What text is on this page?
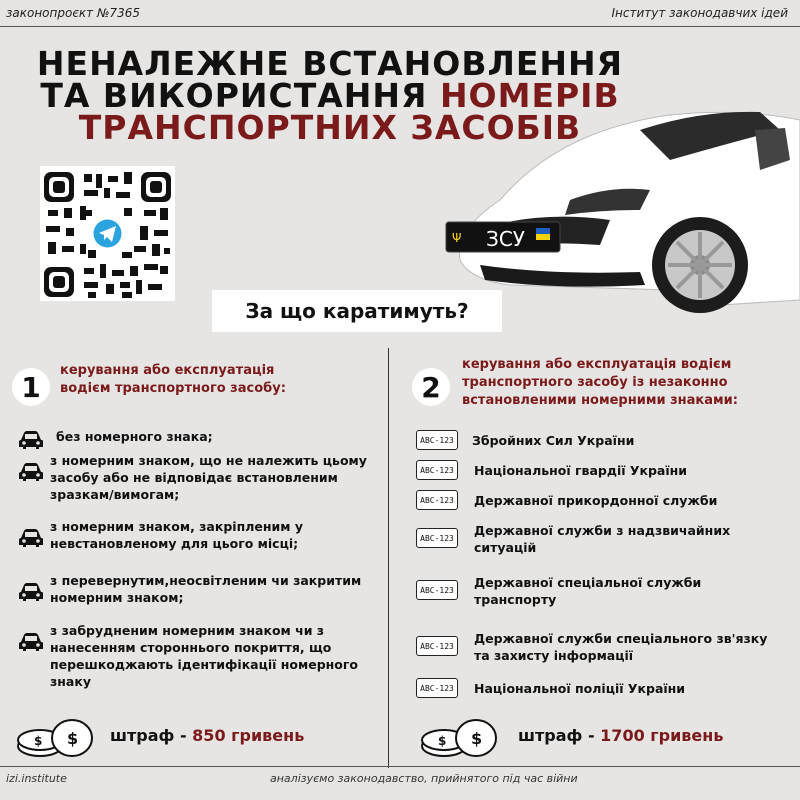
законопроєкт №7365	Інститут законодавчих ідей
НЕНАЛЕЖНЕ ВСТАНОВЛЕННЯ
ТА ВИКОРИСТАННЯ НОМЕРІВ
ТРАНСПОРТНИХ ЗАСОБІВ
ЗСУ
Ψ
За що каратимуть?
1	керування або експлуатація
водієм транспортного засобу:
без номерного знака;
з номерним знаком, що не належить цьому засобу або не відповідає встановленим зразкам/вимогам;
з номерним знаком, закріпленим у невстановленому для цього місці;
з перевернутим,неосвітленим чи закритим номерним знаком;
з забрудненим номерним знаком чи з нанесенням стороннього покриття, що перешкоджають ідентифікації номерного знаку
$ $ штраф - 850 гривень
2
керування або експлуатація водієм
транспортного засобу із незаконно
встановленими номерними знаками:
ABC-123	Збройних Сил України
ABC-123	Національної гвардії України
ABC-123	Державної прикордонної служби
ABC-123	Державної служби з надзвичайних ситуацій
ABC-123	Державної спеціальної служби транспорту
ABC-123	Державної служби спеціального зв'язку та захисту інформації
ABC-123	Національної поліції України
$ $ штраф - 1700 гривень
izi.institute	аналізуємо законодавство, прийнятого під час війни
